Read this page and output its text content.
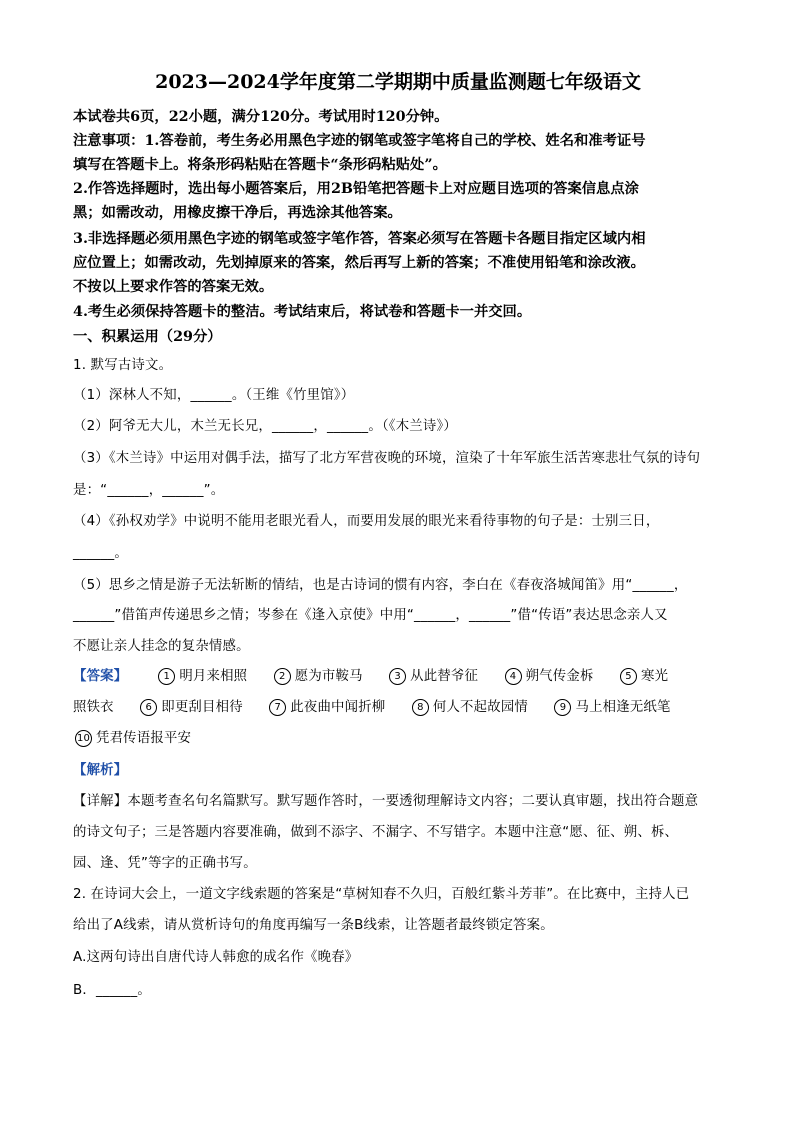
2023—2024学年度第二学期期中质量监测题七年级语文
本试卷共6页，22小题，满分120分。考试用时120分钟。
注意事项：1.答卷前，考生务必用黑色字迹的钢笔或签字笔将自己的学校、姓名和准考证号
填写在答题卡上。将条形码粘贴在答题卡“条形码粘贴处”。
2.作答选择题时，选出每小题答案后，用2B铅笔把答题卡上对应题目选项的答案信息点涂
黑；如需改动，用橡皮擦干净后，再选涂其他答案。
3.非选择题必须用黑色字迹的钢笔或签字笔作答，答案必须写在答题卡各题目指定区域内相
应位置上；如需改动，先划掉原来的答案，然后再写上新的答案；不准使用铅笔和涂改液。
不按以上要求作答的答案无效。
4.考生必须保持答题卡的整洁。考试结束后，将试卷和答题卡一并交回。
一、积累运用（29分）
1. 默写古诗文。
（1）深林人不知，______。（王维《竹里馆》）
（2）阿爷无大儿，木兰无长兄，______，______。（《木兰诗》）
（3）《木兰诗》中运用对偶手法，描写了北方军营夜晚的环境，渲染了十年军旅生活苦寒悲壮气氛的诗句
是：“______，______”。
（4）《孙权劝学》中说明不能用老眼光看人，而要用发展的眼光来看待事物的句子是：士别三日，
______。
（5）思乡之情是游子无法斩断的情结，也是古诗词的惯有内容，李白在《春夜洛城闻笛》用“______，
______”借笛声传递思乡之情；岑参在《逢入京使》中用“______，______”借“传语”表达思念亲人又
不愿让亲人挂念的复杂情感。
【答案】	1 明月来相照	2 愿为市鞍马	3 从此替爷征	4 朔气传金柝	5 寒光
照铁衣	6 即更刮目相待	7 此夜曲中闻折柳	8 何人不起故园情	9 马上相逢无纸笔
10 凭君传语报平安
【解析】
【详解】本题考查名句名篇默写。默写题作答时，一要透彻理解诗文内容；二要认真审题，找出符合题意
的诗文句子；三是答题内容要准确，做到不添字、不漏字、不写错字。本题中注意“愿、征、朔、柝、
园、逢、凭”等字的正确书写。
2. 在诗词大会上，一道文字线索题的答案是“草树知春不久归，百般红紫斗芳菲”。在比赛中，主持人已
给出了A线索，请从赏析诗句的角度再编写一条B线索，让答题者最终锁定答案。
A.这两句诗出自唐代诗人韩愈的成名作《晚春》
B．______。
